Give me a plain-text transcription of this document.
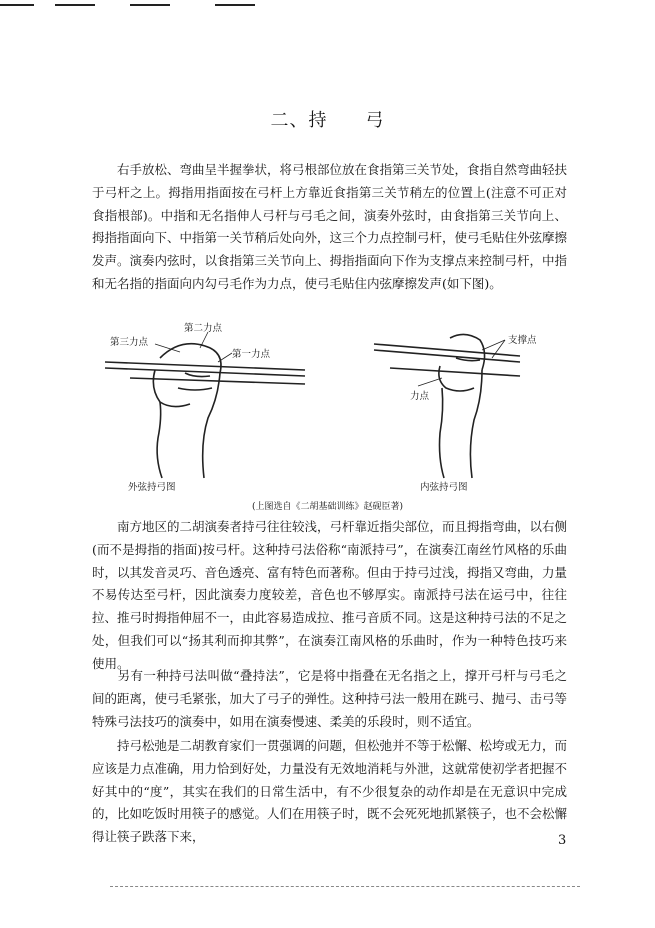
二、持　　弓

　　右手放松、弯曲呈半握拳状，将弓根部位放在食指第三关节处，食指自然弯曲轻扶于弓杆之上。拇指用指面按在弓杆上方靠近食指第三关节稍左的位置上(注意不可正对食指根部)。中指和无名指伸人弓杆与弓毛之间，演奏外弦时，由食指第三关节向上、拇指指面向下、中指第一关节稍后处向外，这三个力点控制弓杆，使弓毛贴住外弦摩擦发声。演奏内弦时，以食指第三关节向上、拇指指面向下作为支撑点来控制弓杆，中指和无名指的指面向内勾弓毛作为力点，使弓毛贴住内弦摩擦发声(如下图)。

第三力点
第二力点
第一力点
外弦持弓图
支撑点
力点
内弦持弓图
(上图选自《二胡基础训练》赵砚臣著)

　　南方地区的二胡演奏者持弓往往较浅，弓杆靠近指尖部位，而且拇指弯曲，以右侧(而不是拇指的指面)按弓杆。这种持弓法俗称“南派持弓”，在演奏江南丝竹风格的乐曲时，以其发音灵巧、音色透亮、富有特色而著称。但由于持弓过浅，拇指又弯曲，力量不易传达至弓杆，因此演奏力度较差，音色也不够厚实。南派持弓法在运弓中，往往拉、推弓时拇指伸屈不一，由此容易造成拉、推弓音质不同。这是这种持弓法的不足之处，但我们可以“扬其利而抑其弊”，在演奏江南风格的乐曲时，作为一种特色技巧来使用。

　　另有一种持弓法叫做“叠持法”，它是将中指叠在无名指之上，撑开弓杆与弓毛之间的距离，使弓毛紧张，加大了弓子的弹性。这种持弓法一般用在跳弓、抛弓、击弓等特殊弓法技巧的演奏中，如用在演奏慢速、柔美的乐段时，则不适宜。

　　持弓松弛是二胡教育家们一贯强调的问题，但松弛并不等于松懈、松垮或无力，而应该是力点准确，用力恰到好处，力量没有无效地消耗与外泄，这就常使初学者把握不好其中的“度”，其实在我们的日常生活中，有不少很复杂的动作却是在无意识中完成的，比如吃饭时用筷子的感觉。人们在用筷子时，既不会死死地抓紧筷子，也不会松懈得让筷子跌落下来，	3
